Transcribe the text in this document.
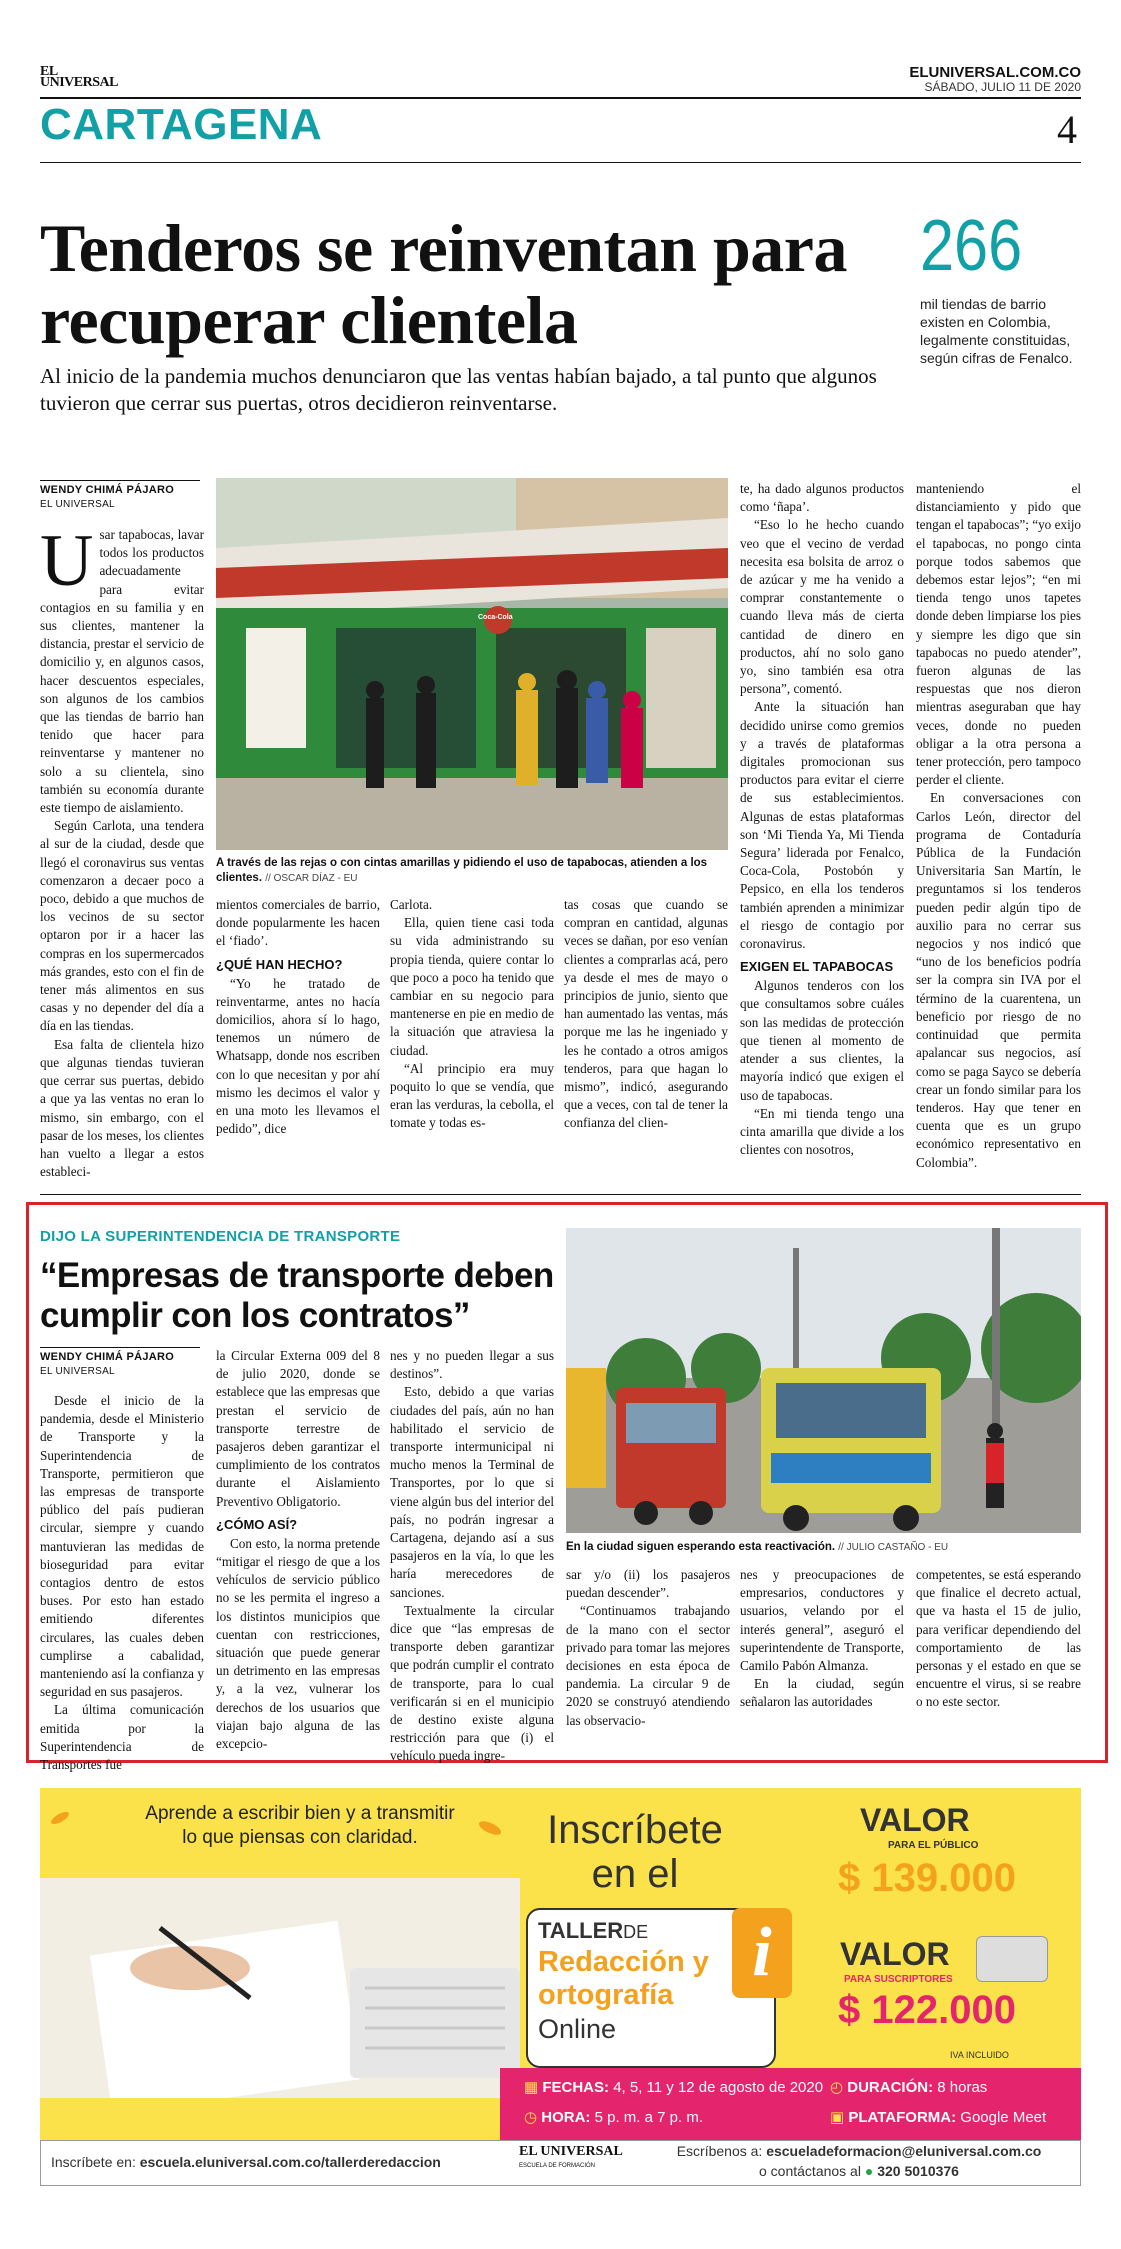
EL UNIVERSAL
ELUNIVERSAL.COM.CO
SÁBADO, JULIO 11 DE 2020
CARTAGENA	4
Tenderos se reinventan para recuperar clientela
Al inicio de la pandemia muchos denunciaron que las ventas habían bajado, a tal punto que algunos tuvieron que cerrar sus puertas, otros decidieron reinventarse.
266
mil tiendas de barrio existen en Colombia, legalmente constituidas, según cifras de Fenalco.
WENDY CHIMÁ PÁJARO
EL UNIVERSAL
U sar tapabocas, lavar todos los productos adecuadamente para evitar contagios en su familia y en sus clientes, mantener la distancia, prestar el servicio de domicilio y, en algunos casos, hacer descuentos especiales, son algunos de los cambios que las tiendas de barrio han tenido que hacer para reinventarse y mantener no solo a su clientela, sino también su economía durante este tiempo de aislamiento.

Según Carlota, una tendera al sur de la ciudad, desde que llegó el coronavirus sus ventas comenzaron a decaer poco a poco, debido a que muchos de los vecinos de su sector optaron por ir a hacer las compras en los supermercados más grandes, esto con el fin de tener más alimentos en sus casas y no depender del día a día en las tiendas.

Esa falta de clientela hizo que algunas tiendas tuvieran que cerrar sus puertas, debido a que ya las ventas no eran lo mismo, sin embargo, con el pasar de los meses, los clientes han vuelto a llegar a estos estableci-

Coca-Cola
A través de las rejas o con cintas amarillas y pidiendo el uso de tapabocas, atienden a los clientes. // OSCAR DÍAZ - EU

mientos comerciales de barrio, donde popularmente les hacen el ‘fiado’.

¿QUÉ HAN HECHO?

“Yo he tratado de reinventarme, antes no hacía domicilios, ahora sí lo hago, tenemos un número de Whatsapp, donde nos escriben con lo que necesitan y por ahí mismo les decimos el valor y en una moto les llevamos el pedido”, dice

Carlota.

Ella, quien tiene casi toda su vida administrando su propia tienda, quiere contar lo que poco a poco ha tenido que cambiar en su negocio para mantenerse en pie en medio de la situación que atraviesa la ciudad.

“Al principio era muy poquito lo que se vendía, que eran las verduras, la cebolla, el tomate y todas es-

tas cosas que cuando se compran en cantidad, algunas veces se dañan, por eso venían clientes a comprarlas acá, pero ya desde el mes de mayo o principios de junio, siento que han aumentado las ventas, más porque me las he ingeniado y les he contado a otros amigos tenderos, para que hagan lo mismo”, indicó, asegurando que a veces, con tal de tener la confianza del clien-

te, ha dado algunos productos como ‘ñapa’.

“Eso lo he hecho cuando veo que el vecino de verdad necesita esa bolsita de arroz o de azúcar y me ha venido a comprar constantemente o cuando lleva más de cierta cantidad de dinero en productos, ahí no solo gano yo, sino también esa otra persona”, comentó.

Ante la situación han decidido unirse como gremios y a través de plataformas digitales promocionan sus productos para evitar el cierre de sus establecimientos. Algunas de estas plataformas son ‘Mi Tienda Ya, Mi Tienda Segura’ liderada por Fenalco, Coca-Cola, Postobón y Pepsico, en ella los tenderos también aprenden a minimizar el riesgo de contagio por coronavirus.

EXIGEN EL TAPABOCAS

Algunos tenderos con los que consultamos sobre cuáles son las medidas de protección que tienen al momento de atender a sus clientes, la mayoría indicó que exigen el uso de tapabocas.

“En mi tienda tengo una cinta amarilla que divide a los clientes con nosotros,

manteniendo el distanciamiento y pido que tengan el tapabocas”; “yo exijo el tapabocas, no pongo cinta porque todos sabemos que debemos estar lejos”; “en mi tienda tengo unos tapetes donde deben limpiarse los pies y siempre les digo que sin tapabocas no puedo atender”, fueron algunas de las respuestas que nos dieron mientras aseguraban que hay veces, donde no pueden obligar a la otra persona a tener protección, pero tampoco perder el cliente.

En conversaciones con Carlos León, director del programa de Contaduría Pública de la Fundación Universitaria San Martín, le preguntamos si los tenderos pueden pedir algún tipo de auxilio para no cerrar sus negocios y nos indicó que “uno de los beneficios podría ser la compra sin IVA por el término de la cuarentena, un beneficio por riesgo de no continuidad que permita apalancar sus negocios, así como se paga Sayco se debería crear un fondo similar para los tenderos. Hay que tener en cuenta que es un grupo económico representativo en Colombia”.

DIJO LA SUPERINTENDENCIA DE TRANSPORTE
“Empresas de transporte deben cumplir con los contratos”
WENDY CHIMÁ PÁJARO
EL UNIVERSAL

Desde el inicio de la pandemia, desde el Ministerio de Transporte y la Superintendencia de Transporte, permitieron que las empresas de transporte público del país pudieran circular, siempre y cuando mantuvieran las medidas de bioseguridad para evitar contagios dentro de estos buses. Por esto han estado emitiendo diferentes circulares, las cuales deben cumplirse a cabalidad, manteniendo así la confianza y seguridad en sus pasajeros.

La última comunicación emitida por la Superintendencia de Transportes fue

la Circular Externa 009 del 8 de julio 2020, donde se establece que las empresas que prestan el servicio de transporte terrestre de pasajeros deben garantizar el cumplimiento de los contratos durante el Aislamiento Preventivo Obligatorio.

¿CÓMO ASÍ?

Con esto, la norma pretende “mitigar el riesgo de que a los vehículos de servicio público no se les permita el ingreso a los distintos municipios que cuentan con restricciones, situación que puede generar un detrimento en las empresas y, a la vez, vulnerar los derechos de los usuarios que viajan bajo alguna de las excepcio-

nes y no pueden llegar a sus destinos”.

Esto, debido a que varias ciudades del país, aún no han habilitado el servicio de transporte intermunicipal ni mucho menos la Terminal de Transportes, por lo que si viene algún bus del interior del país, no podrán ingresar a Cartagena, dejando así a sus pasajeros en la vía, lo que les haría merecedores de sanciones.

Textualmente la circular dice que “las empresas de transporte deben garantizar que podrán cumplir el contrato de transporte, para lo cual verificarán si en el municipio de destino existe alguna restricción para que (i) el vehículo pueda ingre-

En la ciudad siguen esperando esta reactivación. // JULIO CASTAÑO - EU

sar y/o (ii) los pasajeros puedan descender”.

“Continuamos trabajando de la mano con el sector privado para tomar las mejores decisiones en esta época de pandemia. La circular 9 de 2020 se construyó atendiendo las observacio-

nes y preocupaciones de empresarios, conductores y usuarios, velando por el interés general”, aseguró el superintendente de Transporte, Camilo Pabón Almanza.

En la ciudad, según señalaron las autoridades

competentes, se está esperando que finalice el decreto actual, que va hasta el 15 de julio, para verificar dependiendo del comportamiento de las personas y el estado en que se encuentre el virus, si se reabre o no este sector.

Aprende a escribir bien y a transmitir
lo que piensas con claridad.	Inscríbete
en el
TALLERDE
Redacción y
ortografía
Online
i
VALOR
PARA EL PÚBLICO
$ 139.000
VALOR
PARA SUSCRIPTORES
$ 122.000
IVA INCLUIDO
▦ FECHAS: 4, 5, 11 y 12 de agosto de 2020
◷ HORA: 5 p. m. a 7 p. m.
◴ DURACIÓN: 8 horas
▣ PLATAFORMA: Google Meet
Inscríbete en: escuela.eluniversal.com.co/tallerderedaccion
EL UNIVERSAL
ESCUELA DE FORMACIÓN
Escríbenos a: escueladeformacion@eluniversal.com.co
o contáctanos al ● 320 5010376
